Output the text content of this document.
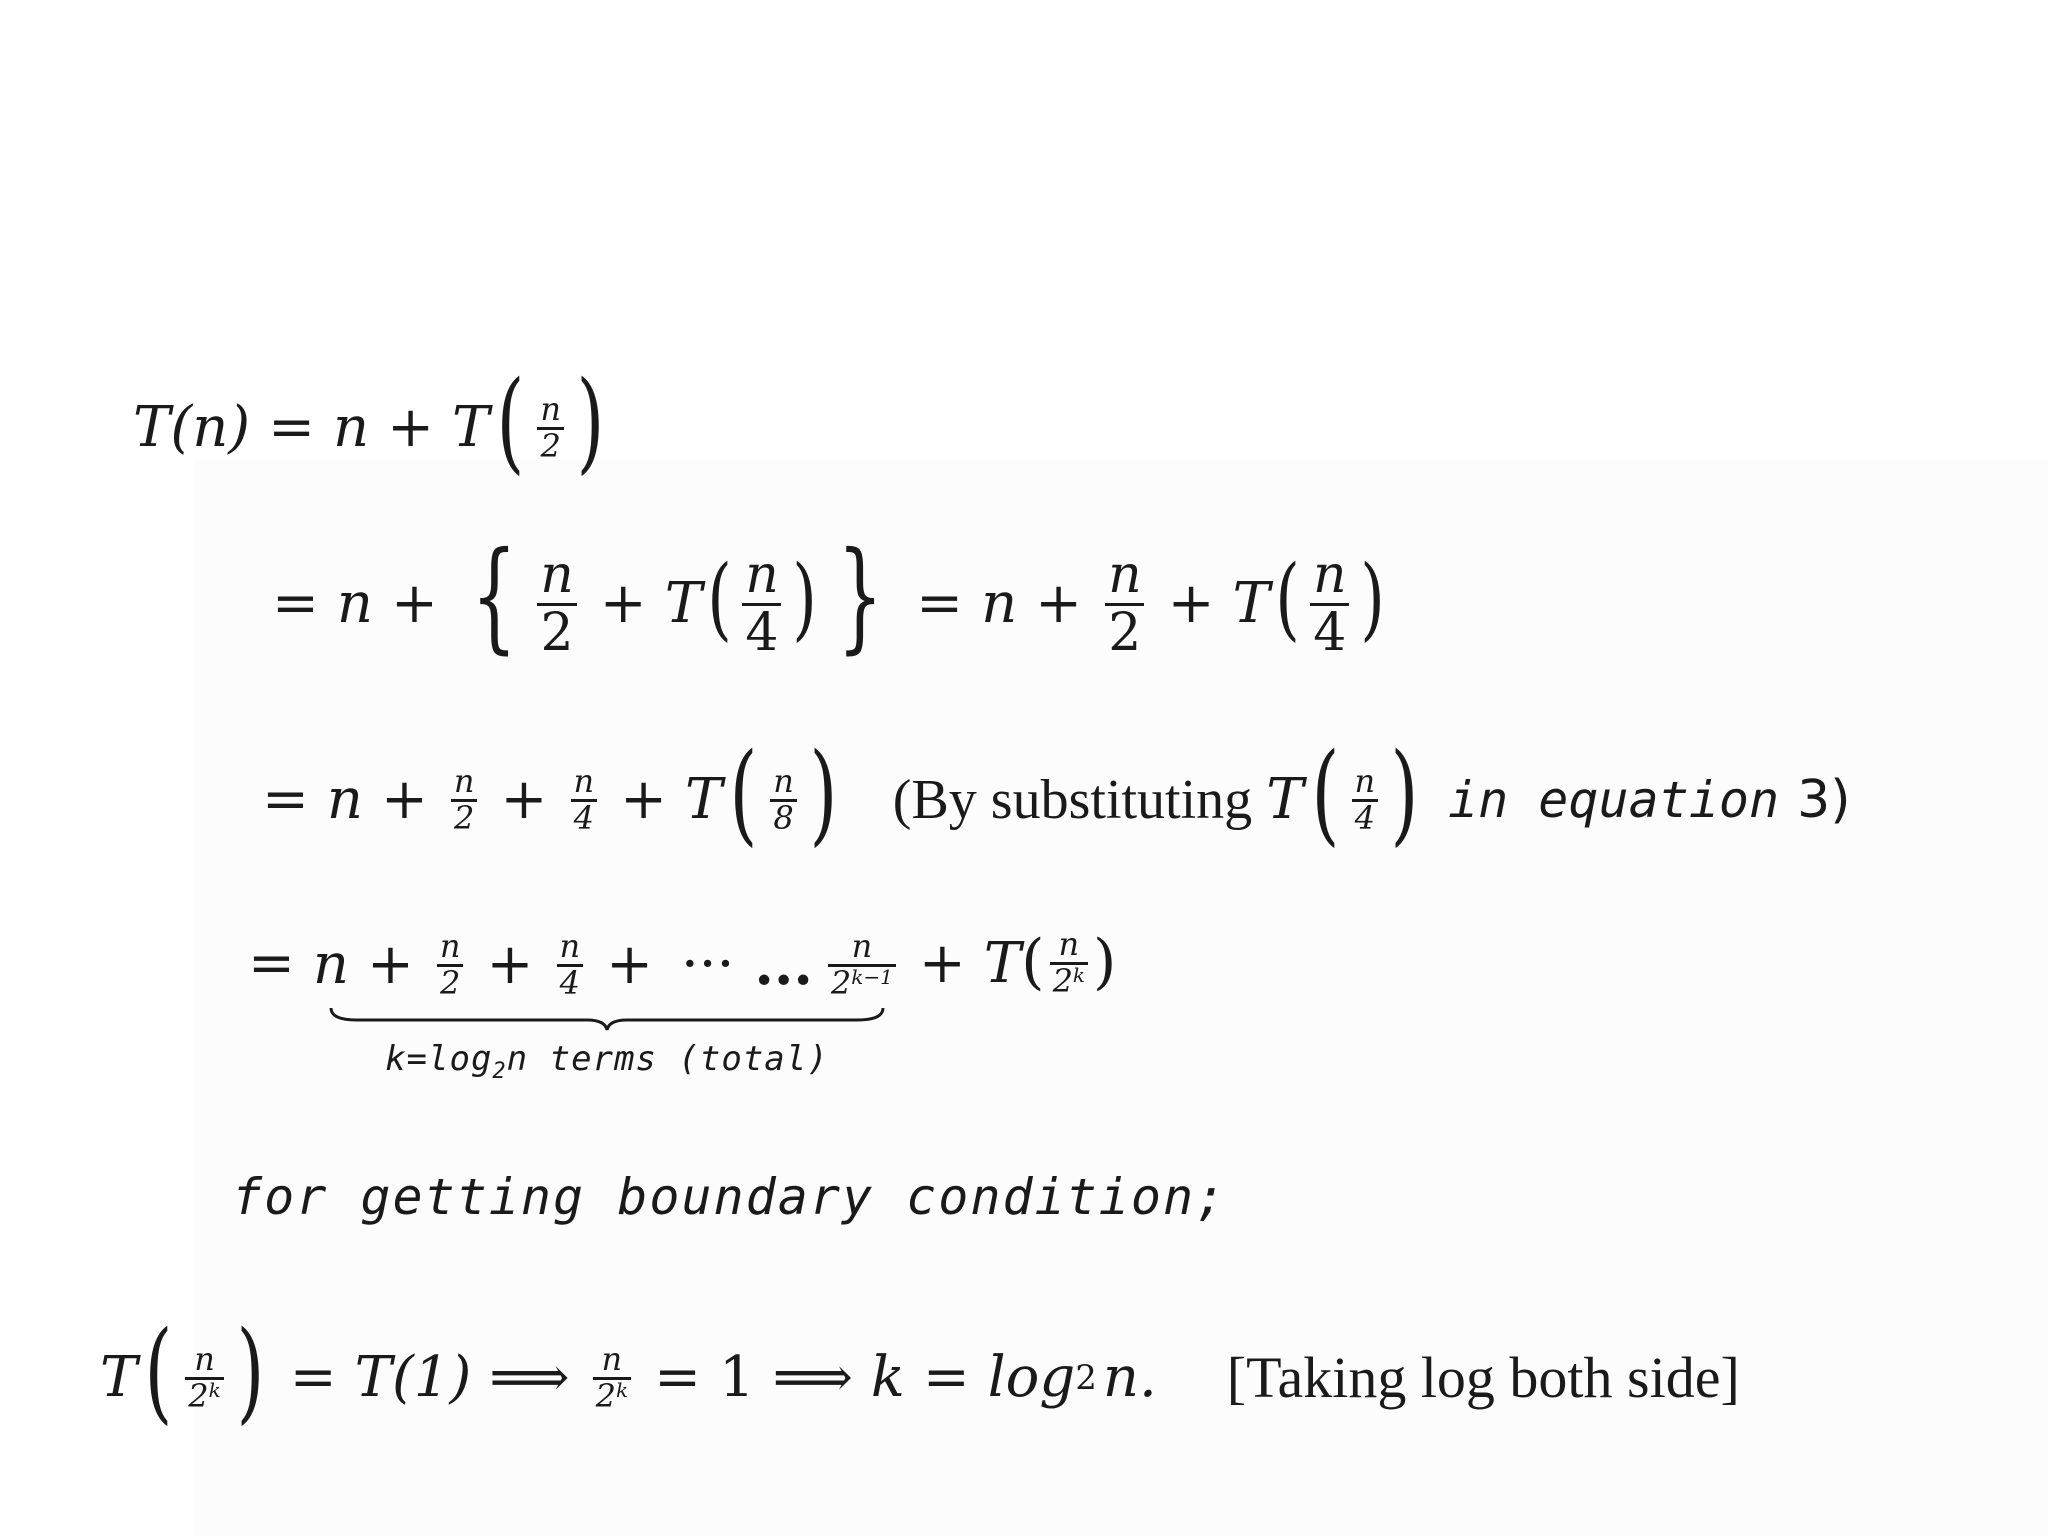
T(n) = n + T ( $\frac{n}{2}$ )
= n + { $\frac{n}{2} + T$ ( $\frac{n}{4}$ ) } = $n + \frac{n}{2} + T$ ( $\frac{n}{4}$ )
= $n + \frac{n}{2} + \frac{n}{4} + T$ ( $\frac{n}{8}$ ) (By substituting T ( $\frac{n}{4}$ ) in equation 3)
= $n + \frac{n}{2} + \frac{n}{4}$ + ··· ... $\frac{n}{2^{k-1}}$
$k=\log_2n$ terms (total)
+ T ( $\frac{n}{2^k}$ )
for getting boundary condition;
T ( $\frac{n}{2^k}$ ) = T(1) ⟹ $\frac{n}{2^k} = 1$ ⟹ k = log 2 n. [Taking log both side]
